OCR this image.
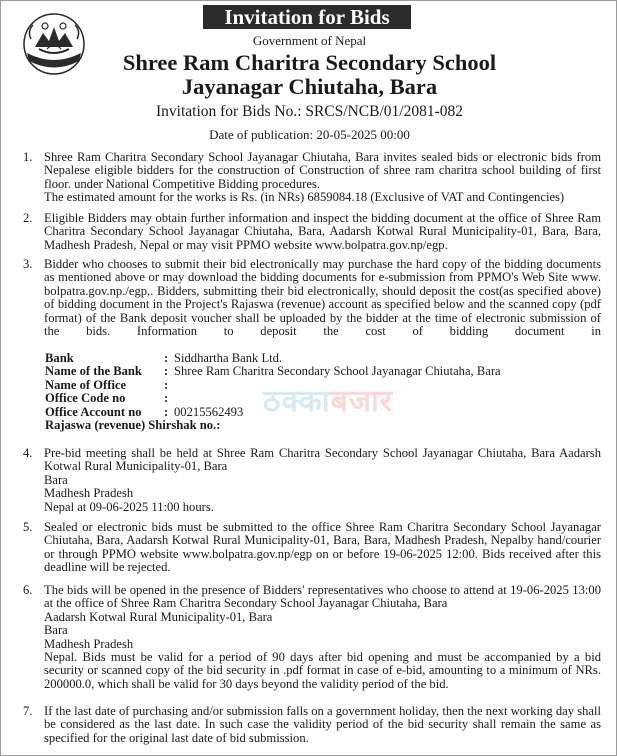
Invitation for Bids
Government of Nepal
Shree Ram Charitra Secondary School
Jayanagar Chiutaha, Bara
Invitation for Bids No.: SRCS/NCB/01/2081-082
Date of publication: 20-05-2025 00:00
ठक्काबजार
1. Shree Ram Charitra Secondary School Jayanagar Chiutaha, Bara invites sealed bids or electronic bids from Nepalese eligible bidders for the construction of Construction of shree ram charitra school building of first floor. under National Competitive Bidding procedures.
The estimated amount for the works is Rs. (in NRs) 6859084.18 (Exclusive of VAT and Contingencies)
2. Eligible Bidders may obtain further information and inspect the bidding document at the office of Shree Ram Charitra Secondary School Jayanagar Chiutaha, Bara, Aadarsh Kotwal Rural Municipality-01, Bara, Bara, Madhesh Pradesh, Nepal or may visit PPMO website www.bolpatra.gov.np/egp.
3. Bidder who chooses to submit their bid electronically may purchase the hard copy of the bidding documents as mentioned above or may download the bidding documents for e-submission from PPMO's Web Site www. bolpatra.gov.np./egp,. Bidders, submitting their bid electronically, should deposit the cost(as specified above) of bidding document in the Project's Rajaswa (revenue) account as specified below and the scanned copy (pdf format) of the Bank deposit voucher shall be uploaded by the bidder at the time of electronic submission of the bids. Information to deposit the cost of bidding document in
Bank	: Siddhartha Bank Ltd.
Name of the Bank : Shree Ram Charitra Secondary School Jayanagar Chiutaha, Bara
Name of Office	:
Office Code no	:
Office Account no : 00215562493
Rajaswa (revenue) Shirshak no.:
4. Pre-bid meeting shall be held at Shree Ram Charitra Secondary School Jayanagar Chiutaha, Bara Aadarsh Kotwal Rural Municipality-01, Bara
Bara
Madhesh Pradesh
Nepal at 09-06-2025 11:00 hours.
5. Sealed or electronic bids must be submitted to the office Shree Ram Charitra Secondary School Jayanagar Chiutaha, Bara, Aadarsh Kotwal Rural Municipality-01, Bara, Bara, Madhesh Pradesh, Nepalby hand/courier or through PPMO website www.bolpatra.gov.np/egp on or before 19-06-2025 12:00. Bids received after this deadline will be rejected.
6. The bids will be opened in the presence of Bidders' representatives who choose to attend at 19-06-2025 13:00 at the office of Shree Ram Charitra Secondary School Jayanagar Chiutaha, Bara
Aadarsh Kotwal Rural Municipality-01, Bara
Bara
Madhesh Pradesh
Nepal. Bids must be valid for a period of 90 days after bid opening and must be accompanied by a bid security or scanned copy of the bid security in .pdf format in case of e-bid, amounting to a minimum of NRs. 200000.0, which shall be valid for 30 days beyond the validity period of the bid.
7. If the last date of purchasing and/or submission falls on a government holiday, then the next working day shall be considered as the last date. In such case the validity period of the bid security shall remain the same as specified for the original last date of bid submission.
